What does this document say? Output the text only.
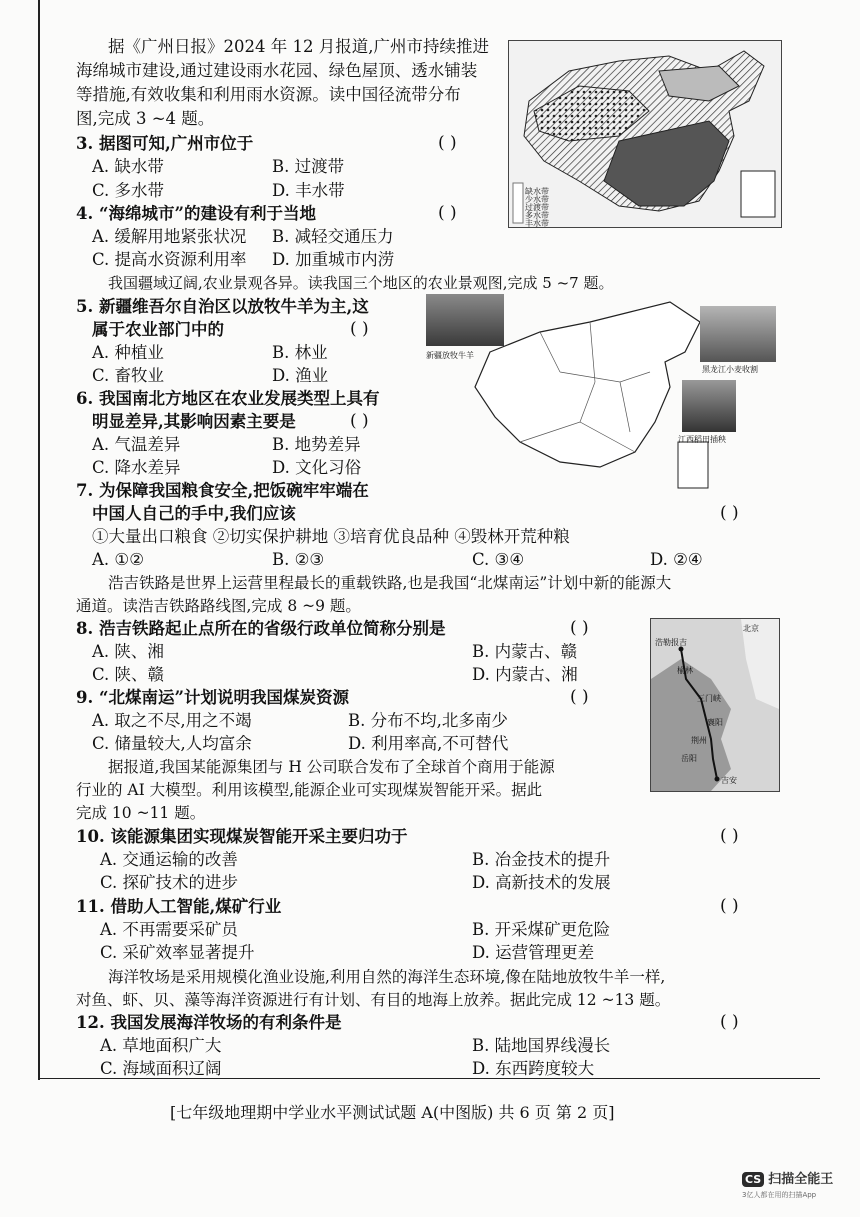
据《广州日报》2024 年 12 月报道,广州市持续推进
海绵城市建设,通过建设雨水花园、绿色屋顶、透水铺装
等措施,有效收集和利用雨水资源。读中国径流带分布
图,完成 3 ~4 题。
缺水带
少水带
过渡带
多水带
丰水带
3. 据图可知,广州市位于	( )
A. 缺水带	B. 过渡带
C. 多水带	D. 丰水带
4. “海绵城市”的建设有利于当地	( )
A. 缓解用地紧张状况 B. 减轻交通压力
C. 提高水资源利用率 D. 加重城市内涝
我国疆域辽阔,农业景观各异。读我国三个地区的农业景观图,完成 5 ~7 题。
新疆放牧牛羊
黑龙江小麦收割
江西稻田插秧
5. 新疆维吾尔自治区以放牧牛羊为主,这
属于农业部门中的	( )
A. 种植业	B. 林业
C. 畜牧业	D. 渔业
6. 我国南北方地区在农业发展类型上具有
明显差异,其影响因素主要是	( )
A. 气温差异	B. 地势差异
C. 降水差异	D. 文化习俗
7. 为保障我国粮食安全,把饭碗牢牢端在
中国人自己的手中,我们应该	( )
①大量出口粮食 ②切实保护耕地 ③培育优良品种 ④毁林开荒种粮
A. ①②	B. ②③	C. ③④	D. ②④
浩吉铁路是世界上运营里程最长的重载铁路,也是我国“北煤南运”计划中新的能源大
通道。读浩吉铁路路线图,完成 8 ~9 题。
北京
浩勒报吉
榆林
三门峡
襄阳
荆州
岳阳
吉安
8. 浩吉铁路起止点所在的省级行政单位简称分别是	( )
A. 陕、湘	B. 内蒙古、赣
C. 陕、赣	D. 内蒙古、湘
9. “北煤南运”计划说明我国煤炭资源	( )
A. 取之不尽,用之不竭	B. 分布不均,北多南少
C. 储量较大,人均富余	D. 利用率高,不可替代
据报道,我国某能源集团与 H 公司联合发布了全球首个商用于能源
行业的 AI 大模型。利用该模型,能源企业可实现煤炭智能开采。据此
完成 10 ~11 题。
10. 该能源集团实现煤炭智能开采主要归功于	( )
A. 交通运输的改善	B. 冶金技术的提升
C. 探矿技术的进步	D. 高新技术的发展
11. 借助人工智能,煤矿行业	( )
A. 不再需要采矿员	B. 开采煤矿更危险
C. 采矿效率显著提升	D. 运营管理更差
海洋牧场是采用规模化渔业设施,利用自然的海洋生态环境,像在陆地放牧牛羊一样,
对鱼、虾、贝、藻等海洋资源进行有计划、有目的地海上放养。据此完成 12 ~13 题。
12. 我国发展海洋牧场的有利条件是	( )
A. 草地面积广大	B. 陆地国界线漫长
C. 海域面积辽阔	D. 东西跨度较大
[七年级地理期中学业水平测试试题 A(中图版) 共 6 页 第 2 页]
CS 扫描全能王
3亿人都在用的扫描App
